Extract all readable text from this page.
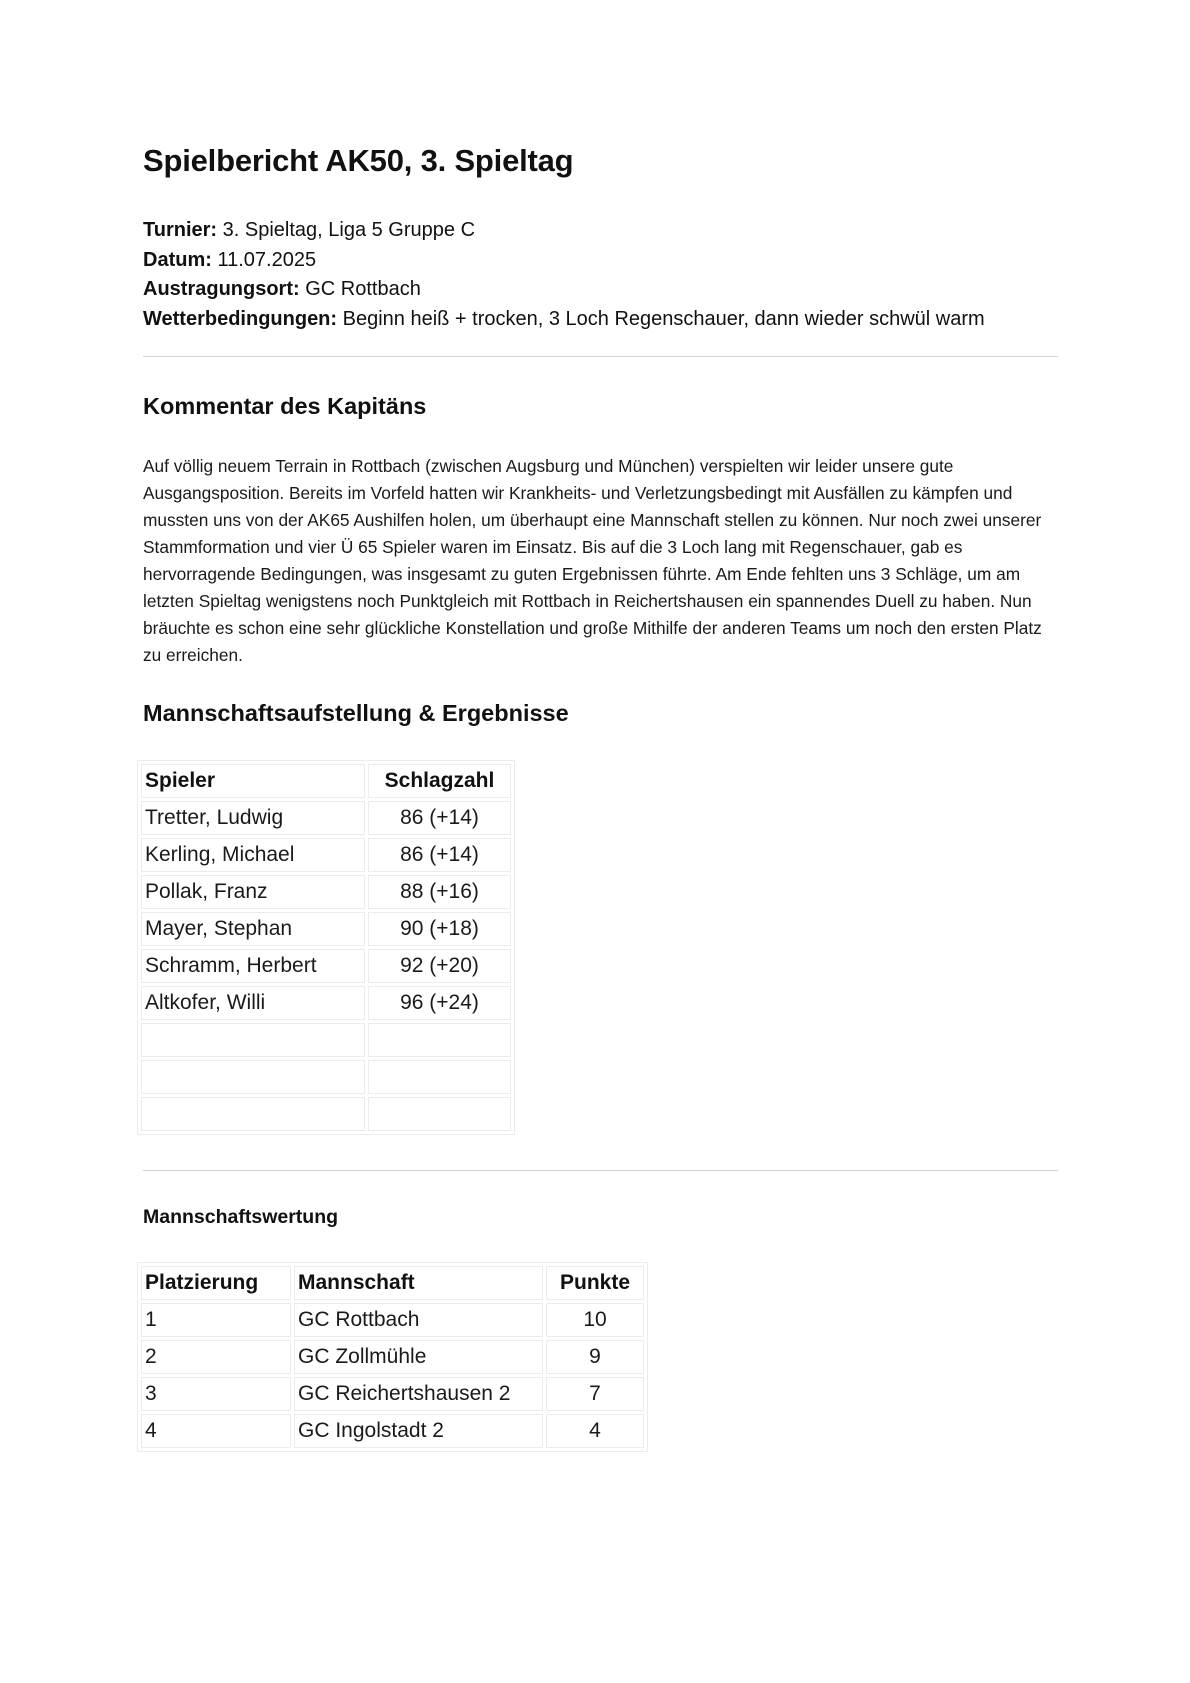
Spielbericht AK50, 3. Spieltag
Turnier: 3. Spieltag, Liga 5 Gruppe C
Datum: 11.07.2025
Austragungsort: GC Rottbach
Wetterbedingungen: Beginn heiß + trocken, 3 Loch Regenschauer, dann wieder schwül warm
Kommentar des Kapitäns

Auf völlig neuem Terrain in Rottbach (zwischen Augsburg und München) verspielten wir leider unsere gute Ausgangsposition. Bereits im Vorfeld hatten wir Krankheits- und Verletzungsbedingt mit Ausfällen zu kämpfen und mussten uns von der AK65 Aushilfen holen, um überhaupt eine Mannschaft stellen zu können. Nur noch zwei unserer Stammformation und vier Ü 65 Spieler waren im Einsatz. Bis auf die 3 Loch lang mit Regenschauer, gab es hervorragende Bedingungen, was insgesamt zu guten Ergebnissen führte. Am Ende fehlten uns 3 Schläge, um am letzten Spieltag wenigstens noch Punktgleich mit Rottbach in Reichertshausen ein spannendes Duell zu haben. Nun bräuchte es schon eine sehr glückliche Konstellation und große Mithilfe der anderen Teams um noch den ersten Platz zu erreichen.

Mannschaftsaufstellung & Ergebnisse
Spieler	Schlagzahl
Tretter, Ludwig	86 (+14)
Kerling, Michael	86 (+14)
Pollak, Franz	88 (+16)
Mayer, Stephan	90 (+18)
Schramm, Herbert	92 (+20)
Altkofer, Willi	96 (+24)

Mannschaftswertung
Platzierung	Mannschaft	Punkte
1	GC Rottbach	10
2	GC Zollmühle	9
3	GC Reichertshausen 2	7
4	GC Ingolstadt 2	4
